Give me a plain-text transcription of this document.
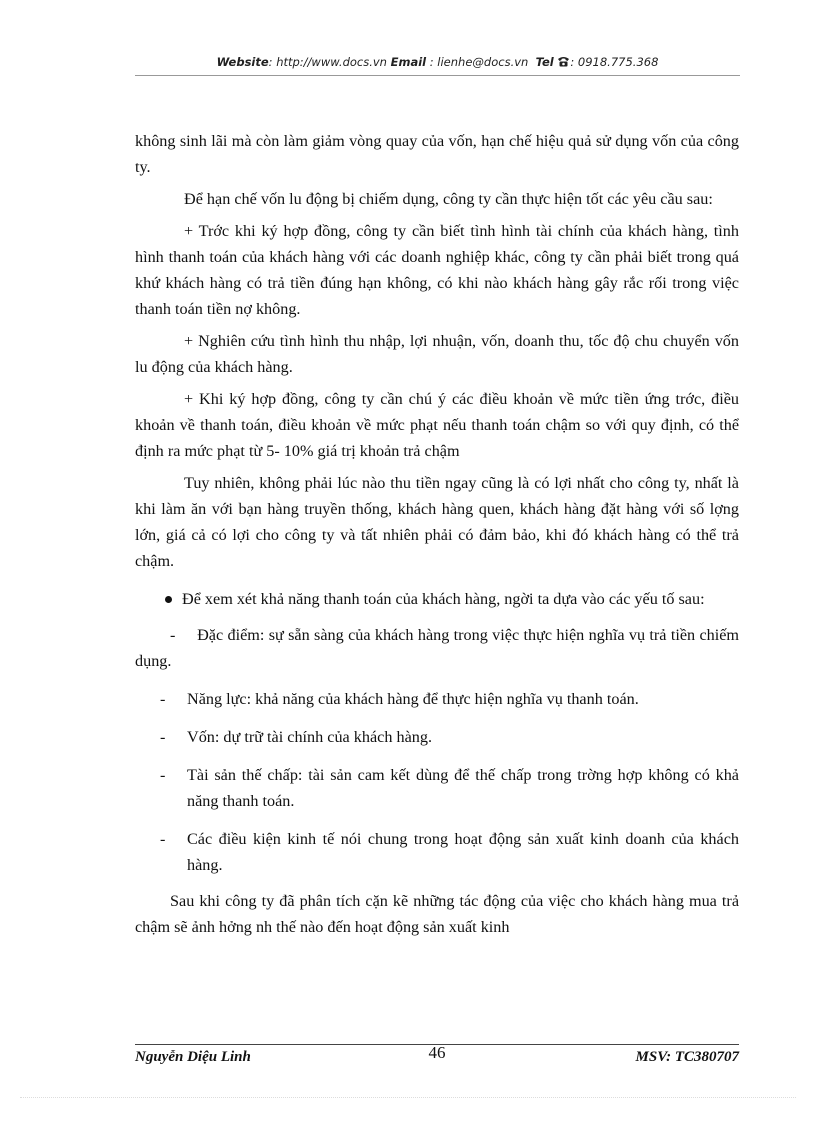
Website: http://www.docs.vn Email : lienhe@docs.vn Tel : 0918.775.368

không sinh lãi mà còn làm giảm vòng quay của vốn, hạn chế hiệu quả sử dụng vốn của công ty.

Để hạn chế vốn lu động bị chiếm dụng, công ty cần thực hiện tốt các yêu cầu sau:

+ Trớc khi ký hợp đồng, công ty cần biết tình hình tài chính của khách hàng, tình hình thanh toán của khách hàng với các doanh nghiệp khác, công ty cần phải biết trong quá khứ khách hàng có trả tiền đúng hạn không, có khi nào khách hàng gây rắc rối trong việc thanh toán tiền nợ không.

+ Nghiên cứu tình hình thu nhập, lợi nhuận, vốn, doanh thu, tốc độ chu chuyển vốn lu động của khách hàng.

+ Khi ký hợp đồng, công ty cần chú ý các điều khoản về mức tiền ứng trớc, điều khoản về thanh toán, điều khoản về mức phạt nếu thanh toán chậm so với quy định, có thể định ra mức phạt từ 5- 10% giá trị khoản trả chậm

Tuy nhiên, không phải lúc nào thu tiền ngay cũng là có lợi nhất cho công ty, nhất là khi làm ăn với bạn hàng truyền thống, khách hàng quen, khách hàng đặt hàng với số lợng lớn, giá cả có lợi cho công ty và tất nhiên phải có đảm bảo, khi đó khách hàng có thể trả chậm.

Để xem xét khả năng thanh toán của khách hàng, ngời ta dựa vào các yếu tố sau:

- Đặc điểm: sự sẵn sàng của khách hàng trong việc thực hiện nghĩa vụ trả tiền chiếm dụng.

- Năng lực: khả năng của khách hàng để thực hiện nghĩa vụ thanh toán.

- Vốn: dự trữ tài chính của khách hàng.

- Tài sản thế chấp: tài sản cam kết dùng để thế chấp trong trờng hợp không có khả năng thanh toán.

- Các điều kiện kinh tế nói chung trong hoạt động sản xuất kinh doanh của khách hàng.

Sau khi công ty đã phân tích cặn kẽ những tác động của việc cho khách hàng mua trả chậm sẽ ảnh hởng nh thế nào đến hoạt động sản xuất kinh

Nguyễn Diệu Linh	46	MSV: TC380707
